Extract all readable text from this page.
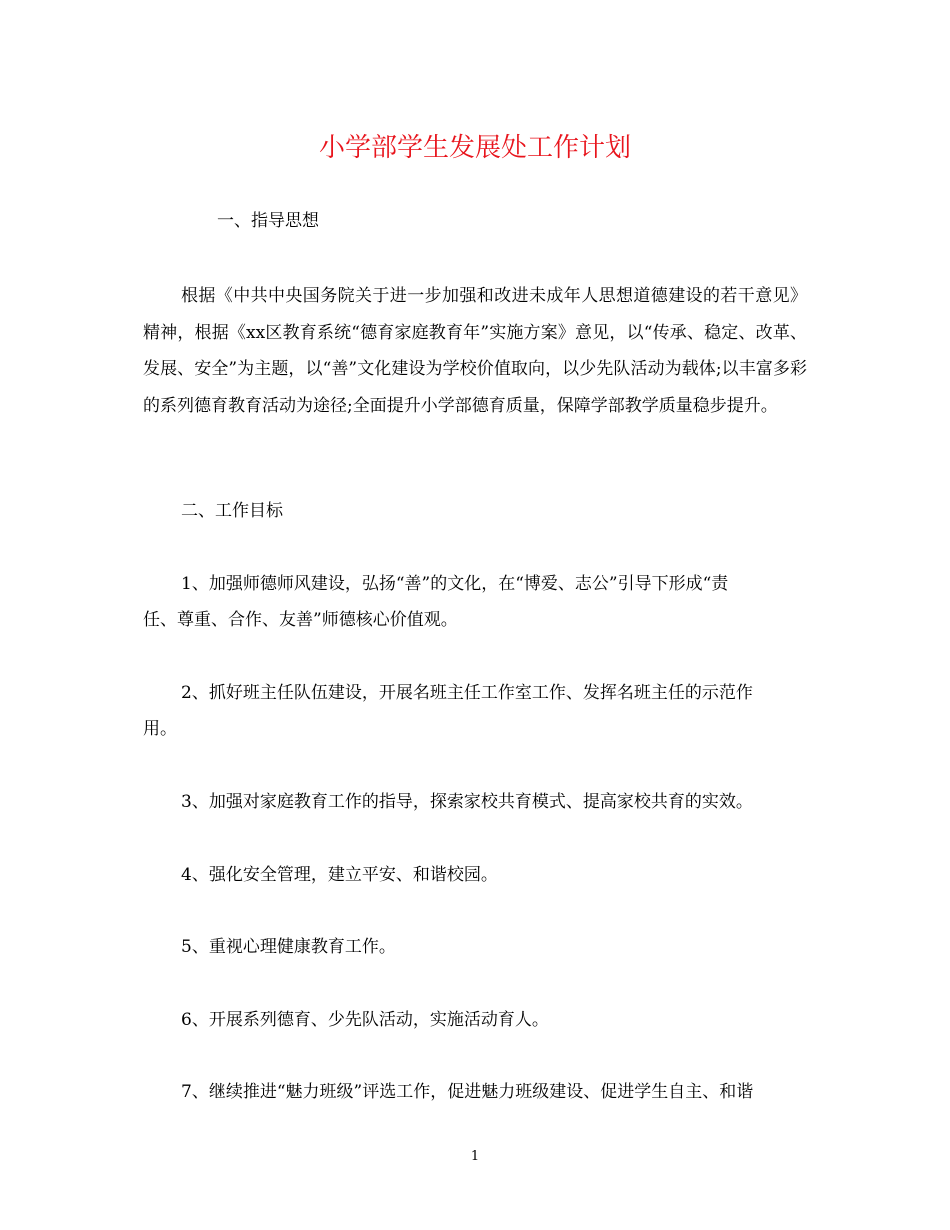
小学部学生发展处工作计划

一、指导思想

根据《中共中央国务院关于进一步加强和改进未成年人思想道德建设的若干意见》精神，根据《xx区教育系统“德育家庭教育年”实施方案》意见，以“传承、稳定、改革、发展、安全”为主题，以“善”文化建设为学校价值取向，以少先队活动为载体;以丰富多彩的系列德育教育活动为途径;全面提升小学部德育质量，保障学部教学质量稳步提升。

二、工作目标

1、加强师德师风建设，弘扬“善”的文化，在“博爱、志公”引导下形成“责

任、尊重、合作、友善”师德核心价值观。

2、抓好班主任队伍建设，开展名班主任工作室工作、发挥名班主任的示范作

用。

3、加强对家庭教育工作的指导，探索家校共育模式、提高家校共育的实效。

4、强化安全管理，建立平安、和谐校园。

5、重视心理健康教育工作。

6、开展系列德育、少先队活动，实施活动育人。

7、继续推进“魅力班级”评选工作，促进魅力班级建设、促进学生自主、和谐

1
